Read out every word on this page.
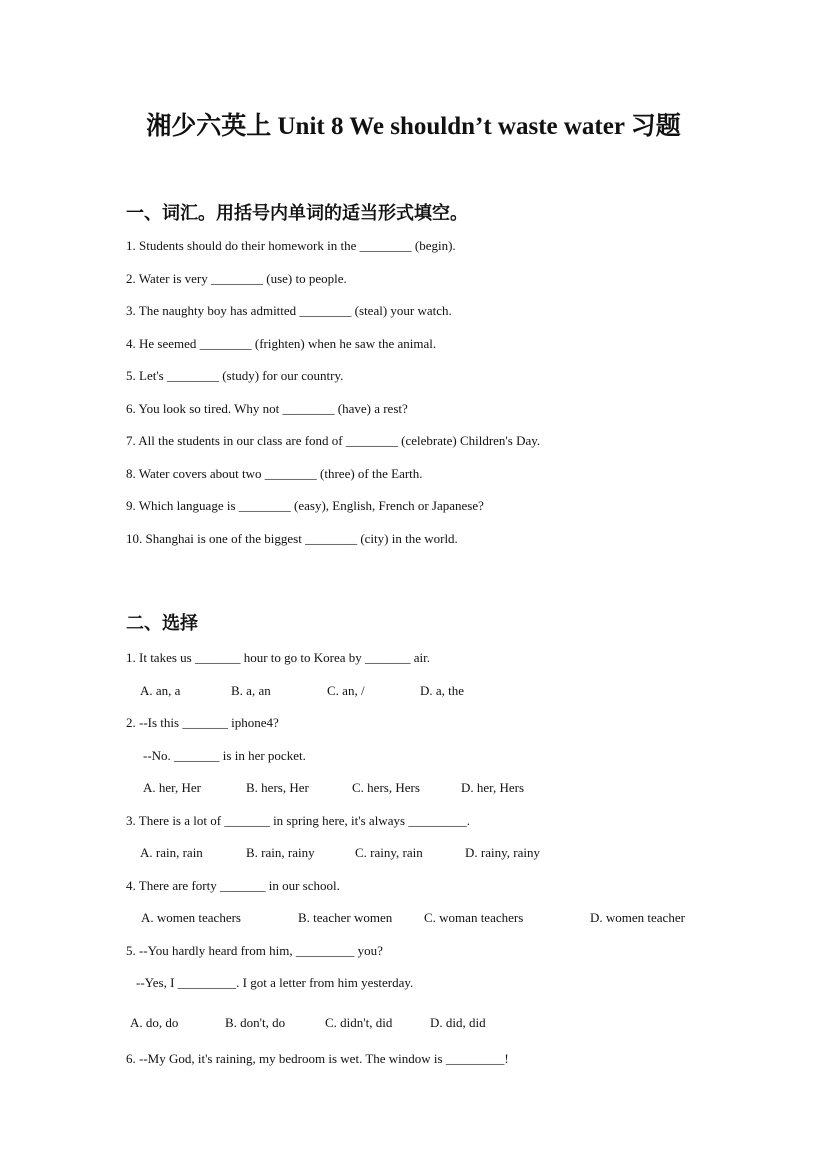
湘少六英上 Unit 8 We shouldn’t waste water 习题
一、词汇。用括号内单词的适当形式填空。
1. Students should do their homework in the ________ (begin).
2. Water is very ________ (use) to people.
3. The naughty boy has admitted ________ (steal) your watch.
4. He seemed ________ (frighten) when he saw the animal.
5. Let's ________ (study) for our country.
6. You look so tired. Why not ________ (have) a rest?
7. All the students in our class are fond of ________ (celebrate) Children's Day.
8. Water covers about two ________ (three) of the Earth.
9. Which language is ________ (easy), English, French or Japanese?
10. Shanghai is one of the biggest ________ (city) in the world.
二、选择
1. It takes us _______ hour to go to Korea by _______ air.
A. an, a	B. a, an	C. an, /	D. a, the
2. --Is this _______ iphone4?
--No. _______ is in her pocket.
A. her, Her	B. hers, Her	C. hers, Hers	D. her, Hers
3. There is a lot of _______ in spring here, it's always _________.
A. rain, rain	B. rain, rainy	C. rainy, rain	D. rainy, rainy
4. There are forty _______ in our school.
A. women teachers	B. teacher women C. woman teachers	D. women teacher
5. --You hardly heard from him, _________ you?
--Yes, I _________. I got a letter from him yesterday.
A. do, do	B. don't, do	C. didn't, did	D. did, did
6. --My God, it's raining, my bedroom is wet. The window is _________!
